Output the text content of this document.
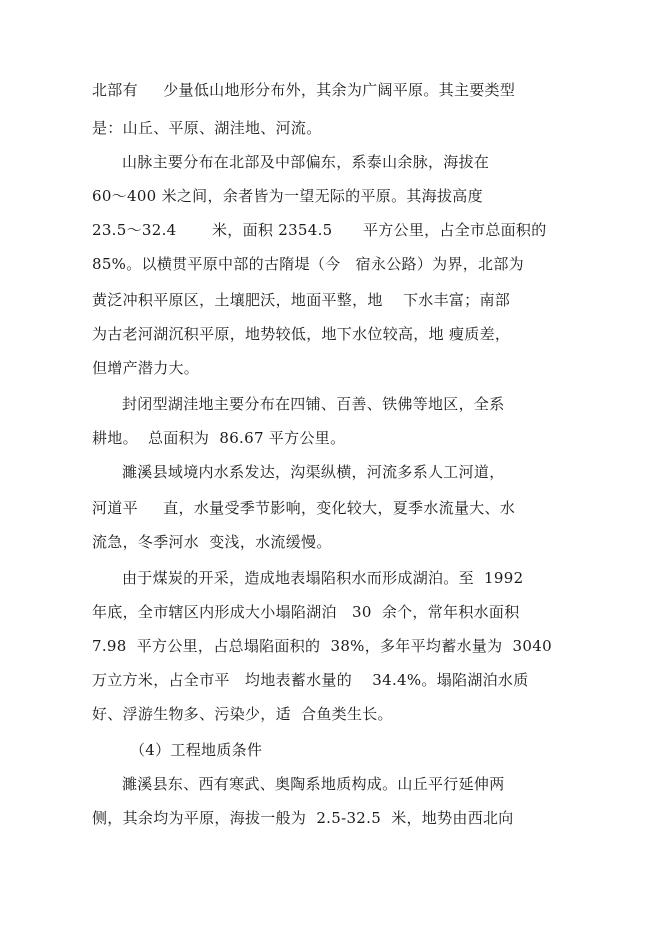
北部有     少量低山地形分布外，其余为广阔平原。其主要类型
是：山丘、平原、湖洼地、河流。
山脉主要分布在北部及中部偏东，系泰山余脉，海拔在
60～400 米之间，余者皆为一望无际的平原。其海拔高度
23.5～32.4       米，面积 2354.5      平方公里，占全市总面积的
85%。以横贯平原中部的古隋堤（今   宿永公路）为界，北部为
黄泛冲积平原区，土壤肥沃，地面平整，地    下水丰富；南部
为古老河湖沉积平原，地势较低，地下水位较高，地 瘦质差，
但增产潜力大。
封闭型湖洼地主要分布在四铺、百善、铁佛等地区，全系
耕地。  总面积为  86.67 平方公里。
濉溪县域境内水系发达，沟渠纵横，河流多系人工河道，
河道平     直，水量受季节影响，变化较大，夏季水流量大、水
流急，冬季河水  变浅，水流缓慢。
由于煤炭的开采，造成地表塌陷积水而形成湖泊。至  1992
年底，全市辖区内形成大小塌陷湖泊   30  余个，常年积水面积
7.98  平方公里，占总塌陷面积的  38%，多年平均蓄水量为  3040
万立方米，占全市平   均地表蓄水量的    34.4%。塌陷湖泊水质
好、浮游生物多、污染少，适  合鱼类生长。
（4）工程地质条件
濉溪县东、西有寒武、奥陶系地质构成。山丘平行延伸两
侧，其余均为平原，海拔一般为  2.5-32.5  米，地势由西北向
